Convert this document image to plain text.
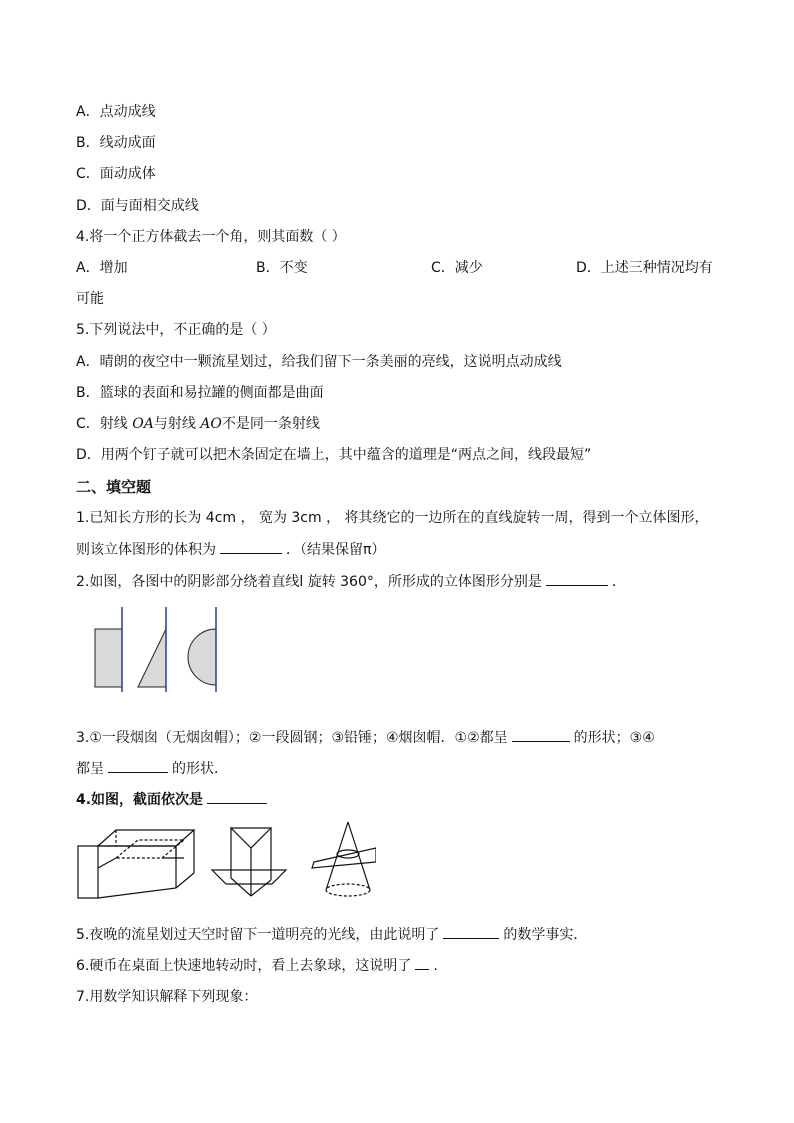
A．点动成线
B．线动成面
C．面动成体
D．面与面相交成线
4.将一个正方体截去一个角，则其面数（ ）
A．增加	B．不变	C．减少	D．上述三种情况均有
可能
5.下列说法中，不正确的是（ ）
A．晴朗的夜空中一颗流星划过，给我们留下一条美丽的亮线，这说明点动成线
B．篮球的表面和易拉罐的侧面都是曲面
C．射线 OA与射线 AO不是同一条射线
D．用两个钉子就可以把木条固定在墙上，其中蕴含的道理是“两点之间，线段最短”
二、填空题
1.已知长方形的长为 4cm ， 宽为 3cm ， 将其绕它的一边所在的直线旋转一周，得到一个立体图形，
则该立体图形的体积为	．（结果保留π）
2.如图，各图中的阴影部分绕着直线l 旋转 360°，所形成的立体图形分别是	．
3.①一段烟囱（无烟囱帽）；②一段圆钢；③铅锤；④烟囱帽．①②都呈	的形状；③④
都呈	的形状．
4.如图，截面依次是
5.夜晚的流星划过天空时留下一道明亮的光线，由此说明了	的数学事实．
6.硬币在桌面上快速地转动时，看上去象球，这说明了 .
7.用数学知识解释下列现象：
